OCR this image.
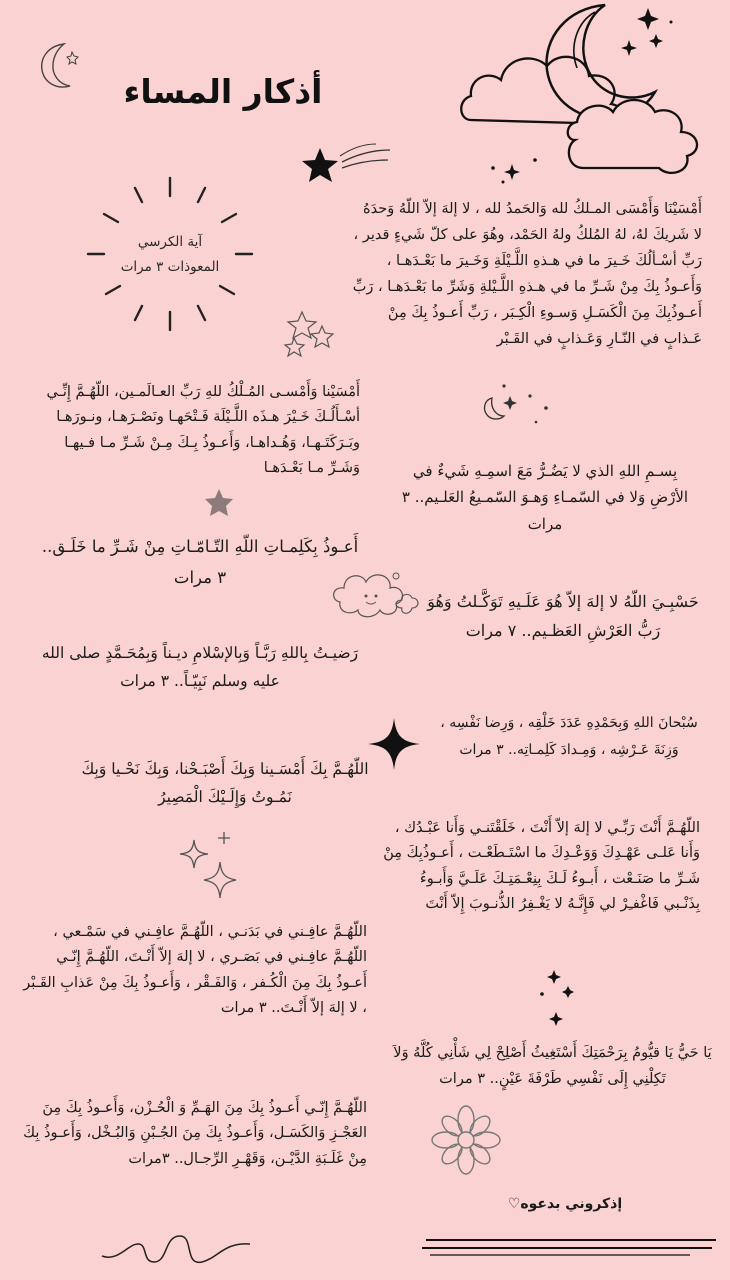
أذكار المساء
آية الكرسي
المعوذات ٣ مرات
أَمْسَيْنَا وَأَمْسَى المـلكُ لله وَالحَمدُ لله ، لا إلهَ إلاّ اللّهُ وَحدَهُ لا شَريكَ لهُ، لهُ المُلكُ ولهُ الحَمْد، وهُوَ على كلّ شَيءٍ قدير ، رَبِّ أسْـألُكَ خَـيرَ ما في هـذهِ اللَّـيْلَةِ وَخَـيرَ ما بَعْـدَهـا ، وَأَعـوذُ بِكَ مِنْ شَـرِّ ما في هـذهِ اللَّـيْلةِ وَشَرِّ ما بَعْـدَهـا ، رَبِّ أَعـوذُبِكَ مِنَ الْكَسَـلِ وَسـوءِ الْكِـبَر ، رَبِّ أَعـوذُ بِكَ مِنْ عَـذابٍ في النّـارِ وَعَـذابٍ في القَـبْر
أَمْسَيْنا وَأَمْسـى المُـلْكُ للهِ رَبِّ العـالَمـين، اللّهُـمَّ إِنِّـي أسْـأَلُـكَ خَـيْرَ هـذَه اللَّـيْلَة فَـتْحَهـا ونَصْـرَهـا، ونـورَهـا وبَـرَكَتَـهـا، وَهُـداهـا، وَأَعـوذُ بِـكَ مِـنْ شَـرِّ مـا فـيهـا وَشَـرِّ مـا بَعْـدَهـا	بِسـمِ اللهِ الذي لا يَضُـرُّ مَعَ اسمِـهِ شَيءٌ في الأرْضِ وَلا في السّمـاءِ وَهـوَ السّمـيعُ العَلـيم.. ٣ مرات
أَعـوذُ بِكَلِمـاتِ اللّهِ التّـامّـاتِ مِنْ شَـرِّ ما خَلَـق.. ٣ مرات
حَسْبِـيَ اللّهُ لا إلهَ إلاّ هُوَ عَلَـيهِ تَوَكَّـلتُ وَهُوَ رَبُّ العَرْشِ العَظـيم.. ٧ مرات
رَضيـتُ بِاللهِ رَبَّـاً وَبِالإسْلامِ ديـناً وَبِمُحَـمَّدٍ صلى الله عليه وسلم نَبِيّـاً.. ٣ مرات
سُبْحانَ اللهِ وَبِحَمْدِهِ عَدَدَ خَلْقِه ، وَرِضا نَفْسِه ، وَزِنَةَ عَـرْشِه ، وَمِـدادَ كَلِمـاتِه.. ٣ مرات
اللّهُـمَّ بِكَ أَمْسَـينا وَبِكَ أَصْبَـحْنا، وَبِكَ نَحْـيا وَبِكَ نَمُـوتُ وَإِلَـيْكَ الْمَصِيرُ
اللّهُـمَّ أَنْتَ رَبِّـي لا إلهَ إلاّ أَنْتَ ، خَلَقْتَنـي وَأَنا عَبْـدُك ، وَأَنا عَلـى عَهْـدِكَ وَوَعْـدِكَ ما اسْتَـطَعْـت ، أَعـوذُبِكَ مِنْ شَـرِّ ما صَنَـعْت ، أَبـوءُ لَـكَ بِنِعْـمَتِـكَ عَلَـيَّ وَأَبـوءُ بِذَنْـبي فَاغْفـِرْ لي فَإِنَّـهُ لا يَغْـفِرُ الذُّنـوبَ إِلاّ أَنْتَ
اللّهُـمَّ عافِـني في بَدَنـي ، اللّهُـمَّ عافِـني في سَمْـعي ، اللّهُـمَّ عافِـني في بَصَـري ، لا إلهَ إلاّ أَنْـتَ، اللّهُـمَّ إِنّـي أَعـوذُ بِكَ مِنَ الْكُـفر ، وَالفَـقْر ، وَأَعـوذُ بِكَ مِنْ عَذابِ القَـبْر ، لا إلهَ إلاّ أَنْـتَ.. ٣ مرات
يَا حَيُّ يَا قيُّومُ بِرَحْمَتِكَ أَسْتَغِيثُ أَصْلِحْ لِي شَأْنِي كُلَّهُ وَلاَ تَكِلْنِي إِلَى نَفْسِي طَرْفَةَ عَيْنٍ.. ٣ مرات
اللّهُـمَّ إِنّـي أَعـوذُ بِكَ مِنَ الهَـمِّ وَ الْحُـزْن، وَأَعـوذُ بِكَ مِنَ العَجْـزِ وَالكَسَـل، وَأَعـوذُ بِكَ مِنَ الجُـبْنِ وَالبُـخْل، وَأَعـوذُ بِكَ مِنْ غَلَـبَةِ الدَّيْـن، وَقَهْـرِ الرِّجـال.. ٣مرات
إذكروني بدعوه♡
